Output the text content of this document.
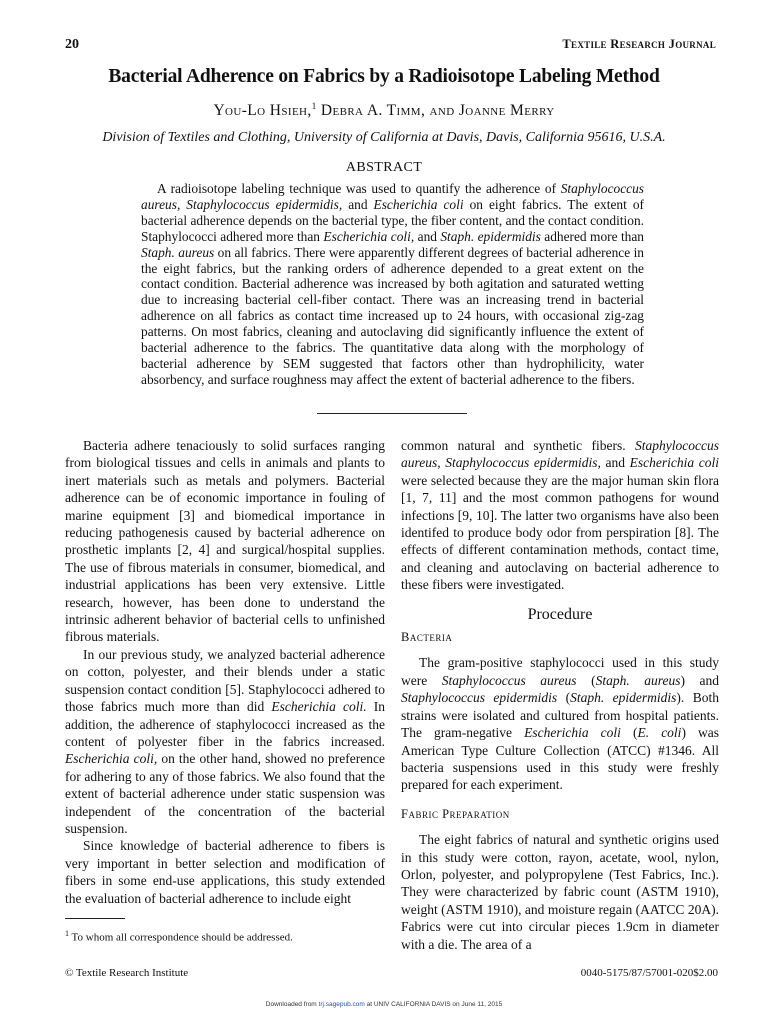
20	Textile Research Journal
Bacterial Adherence on Fabrics by a Radioisotope Labeling Method
You-Lo Hsieh,$^1$ Debra A. Timm, and Joanne Merry
Division of Textiles and Clothing, University of California at Davis, Davis, California 95616, U.S.A.
ABSTRACT

A radioisotope labeling technique was used to quantify the adherence of Staphylococcus aureus, Staphylococcus epidermidis, and Escherichia coli on eight fabrics. The extent of bacterial adherence depends on the bacterial type, the fiber content, and the contact condition. Staphylococci adhered more than Escherichia coli, and Staph. epidermidis adhered more than Staph. aureus on all fabrics. There were apparently different degrees of bacterial adherence in the eight fabrics, but the ranking orders of adherence depended to a great extent on the contact condition. Bacterial adherence was increased by both agitation and saturated wetting due to increasing bacterial cell-fiber contact. There was an increasing trend in bacterial adherence on all fabrics as contact time increased up to 24 hours, with occasional zig-zag patterns. On most fabrics, cleaning and autoclaving did significantly influence the extent of bacterial adherence to the fabrics. The quantitative data along with the morphology of bacterial adherence by SEM suggested that factors other than hydrophilicity, water absorbency, and surface roughness may affect the extent of bacterial adherence to the fibers.

Bacteria adhere tenaciously to solid surfaces ranging from biological tissues and cells in animals and plants to inert materials such as metals and polymers. Bacterial adherence can be of economic importance in fouling of marine equipment [3] and biomedical importance in reducing pathogenesis caused by bacterial adherence on prosthetic implants [2, 4] and surgical/hospital supplies. The use of fibrous materials in consumer, biomedical, and industrial applications has been very extensive. Little research, however, has been done to understand the intrinsic adherent behavior of bacterial cells to unfinished fibrous materials.

In our previous study, we analyzed bacterial adherence on cotton, polyester, and their blends under a static suspension contact condition [5]. Staphylococci adhered to those fabrics much more than did Escherichia coli. In addition, the adherence of staphylococci increased as the content of polyester fiber in the fabrics increased. Escherichia coli, on the other hand, showed no preference for adhering to any of those fabrics. We also found that the extent of bacterial adherence under static suspension was independent of the concentration of the bacterial suspension.

Since knowledge of bacterial adherence to fibers is very important in better selection and modification of fibers in some end-use applications, this study extended the evaluation of bacterial adherence to include eight

common natural and synthetic fibers. Staphylococcus aureus, Staphylococcus epidermidis, and Escherichia coli were selected because they are the major human skin flora [1, 7, 11] and the most common pathogens for wound infections [9, 10]. The latter two organisms have also been identifed to produce body odor from perspiration [8]. The effects of different contamination methods, contact time, and cleaning and autoclaving on bacterial adherence to these fibers were investigated.

Procedure
Bacteria

The gram-positive staphylococci used in this study were Staphylococcus aureus (Staph. aureus) and Staphylococcus epidermidis (Staph. epidermidis). Both strains were isolated and cultured from hospital patients. The gram-negative Escherichia coli (E. coli) was American Type Culture Collection (ATCC) #1346. All bacteria suspensions used in this study were freshly prepared for each experiment.

Fabric Preparation

The eight fabrics of natural and synthetic origins used in this study were cotton, rayon, acetate, wool, nylon, Orlon, polyester, and polypropylene (Test Fabrics, Inc.). They were characterized by fabric count (ASTM 1910), weight (ASTM 1910), and moisture regain (AATCC 20A). Fabrics were cut into circular pieces 1.9cm in diameter with a die. The area of a

$^1$ To whom all correspondence should be addressed.
© Textile Research Institute	0040-5175/87/57001-020$2.00
Downloaded from trj.sagepub.com at UNIV CALIFORNIA DAVIS on June 11, 2015
